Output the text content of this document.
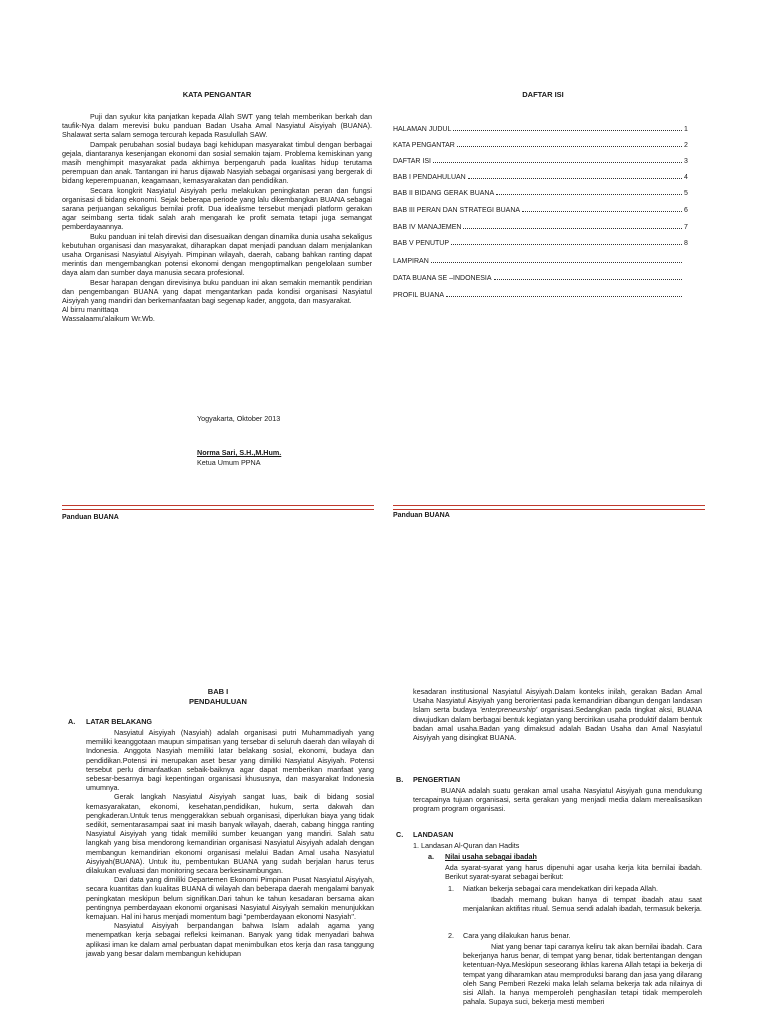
KATA PENGANTAR

Puji dan syukur kita panjatkan kepada Allah SWT yang telah memberikan berkah dan taufik-Nya dalam merevisi buku panduan Badan Usaha Amal Nasyiatul Aisyiyah (BUANA). Shalawat serta salam semoga tercurah kepada Rasulullah SAW.

Dampak perubahan sosial budaya bagi kehidupan masyarakat timbul dengan berbagai gejala, diantaranya kesenjangan ekonomi dan sosial semakin tajam. Problema kemiskinan yang masih menghimpit masyarakat pada akhirnya berpengaruh pada kualitas hidup terutama perempuan dan anak. Tantangan ini harus dijawab Nasyiah sebagai organisasi yang bergerak di bidang keperempuanan, keagamaan, kemasyarakatan dan pendidikan.

Secara kongkrit Nasyiatul Aisyiyah perlu melakukan peningkatan peran dan fungsi organisasi di bidang ekonomi. Sejak beberapa periode yang lalu dikembangkan BUANA sebagai sarana perjuangan sekaligus bernilai profit. Dua idealisme tersebut menjadi platform gerakan agar seimbang serta tidak salah arah mengarah ke profit semata tetapi juga semangat pemberdayaannya.

Buku panduan ini telah direvisi dan disesuaikan dengan dinamika dunia usaha sekaligus kebutuhan organisasi dan masyarakat, diharapkan dapat menjadi panduan dalam menjalankan usaha Organisasi Nasyiatul Aisyiyah. Pimpinan wilayah, daerah, cabang bahkan ranting dapat merintis dan mengembangkan potensi ekonomi dengan mengoptimalkan pengelolaan sumber daya alam dan sumber daya manusia secara profesional.

Besar harapan dengan direvisinya buku panduan ini akan semakin memantik pendirian dan pengembangan BUANA yang dapat mengantarkan pada kondisi organisasi Nasyiatul Aisyiyah yang mandiri dan berkemanfaatan bagi segenap kader, anggota, dan masyarakat.

Al birru manittaqa

Wassalaamu'alaikum Wr.Wb.

Yogyakarta, Oktober 2013
Norma Sari, S.H.,M.Hum.
Ketua Umum PPNA
DAFTAR ISI
HALAMAN JUDUL	1
KATA PENGANTAR	2
DAFTAR ISI	3
BAB I PENDAHULUAN	4
BAB II BIDANG GERAK BUANA	5
BAB III PERAN DAN STRATEGI BUANA	6
BAB IV MANAJEMEN	7
BAB V PENUTUP	8
LAMPIRAN
DATA BUANA SE –INDONESIA
PROFIL BUANA
Panduan BUANA	Panduan BUANA
BAB I
PENDAHULUAN
A. LATAR BELAKANG

Nasyiatul Aisyiyah (Nasyiah) adalah organisasi putri Muhammadiyah yang memiliki keanggotaan maupun simpatisan yang tersebar di seluruh daerah dan wilayah di Indonesia. Anggota Nasyiah memiliki latar belakang sosial, ekonomi, budaya dan pendidikan.Potensi ini merupakan aset besar yang dimiliki Nasyiatul Aisyiyah. Potensi tersebut perlu dimanfaatkan sebaik-baiknya agar dapat memberikan manfaat yang sebesar-besarnya bagi kepentingan organisasi khususnya, dan masyarakat Indonesia umumnya.

Gerak langkah Nasyiatul Aisyiyah sangat luas, baik di bidang sosial kemasyarakatan, ekonomi, kesehatan,pendidikan, hukum, serta dakwah dan pengkaderan.Untuk terus menggerakkan sebuah organisasi, diperlukan biaya yang tidak sedikit, sementarasampai saat ini masih banyak wilayah, daerah, cabang hingga ranting Nasyiatul Aisyiyah yang tidak memiliki sumber keuangan yang mandiri. Salah satu langkah yang bisa mendorong kemandirian organisasi Nasyiatul Aisyiyah adalah dengan membangun kemandirian ekonomi organisasi melalui Badan Amal usaha Nasyiatul Aisyiyah(BUANA). Untuk itu, pembentukan BUANA yang sudah berjalan harus terus dilakukan evaluasi dan monitoring secara berkesinambungan.

Dari data yang dimiliki Departemen Ekonomi Pimpinan Pusat Nasyiatul Aisyiyah, secara kuantitas dan kualitas BUANA di wilayah dan beberapa daerah mengalami banyak peningkatan meskipun belum signifikan.Dari tahun ke tahun kesadaran bersama akan pentingnya pemberdayaan ekonomi organisasi Nasyiatul Aisyiyah semakin menunjukkan kemajuan. Hal ini harus menjadi momentum bagi "pemberdayaan ekonomi Nasyiah".

Nasyiatul Aisyiyah berpandangan bahwa Islam adalah agama yang menempatkan kerja sebagai refleksi keimanan. Banyak yang tidak menyadari bahwa aplikasi iman ke dalam amal perbuatan dapat menimbulkan etos kerja dan rasa tanggung jawab yang besar dalam membangun kehidupan

kesadaran institusional Nasyiatul Aisyiyah.Dalam konteks inilah, gerakan Badan Amal Usaha Nasyiatul Aisyiyah yang berorientasi pada kemandirian dibangun dengan landasan Islam serta budaya 'enterpreneurship' organisasi.Sedangkan pada tingkat aksi, BUANA diwujudkan dalam berbagai bentuk kegiatan yang bercirikan usaha produktif dalam bentuk badan amal usaha.Badan yang dimaksud adalah Badan Usaha dan Amal Nasyiatul Aisyiyah yang disingkat BUANA.
B. PENGERTIAN
BUANA adalah suatu gerakan amal usaha Nasyiatul Aisyiyah guna mendukung tercapainya tujuan organisasi, serta gerakan yang menjadi media dalam merealisasikan program program organisasi.
C. LANDASAN
1. Landasan Al-Quran dan Hadits
a. Nilai usaha sebagai ibadah
Ada syarat-syarat yang harus dipenuhi agar usaha kerja kita bernilai ibadah. Berikut syarat-syarat sebagai berikut:
1. Niatkan bekerja sebagai cara mendekatkan diri kepada Allah.
Ibadah memang bukan hanya di tempat ibadah atau saat menjalankan aktifitas ritual. Semua sendi adalah ibadah, termasuk bekerja.
2. Cara yang dilakukan harus benar.
Niat yang benar tapi caranya keliru tak akan bernilai ibadah. Cara bekerjanya harus benar, di tempat yang benar, tidak bertentangan dengan ketentuan-Nya.Meskipun seseorang ikhlas karena Allah tetapi ia bekerja di tempat yang diharamkan atau memproduksi barang dan jasa yang dilarang oleh Sang Pemberi Rezeki maka lelah selama bekerja tak ada nilainya di sisi Allah. Ia hanya memperoleh penghasilan tetapi tidak memperoleh pahala. Supaya suci, bekerja mesti memberi
